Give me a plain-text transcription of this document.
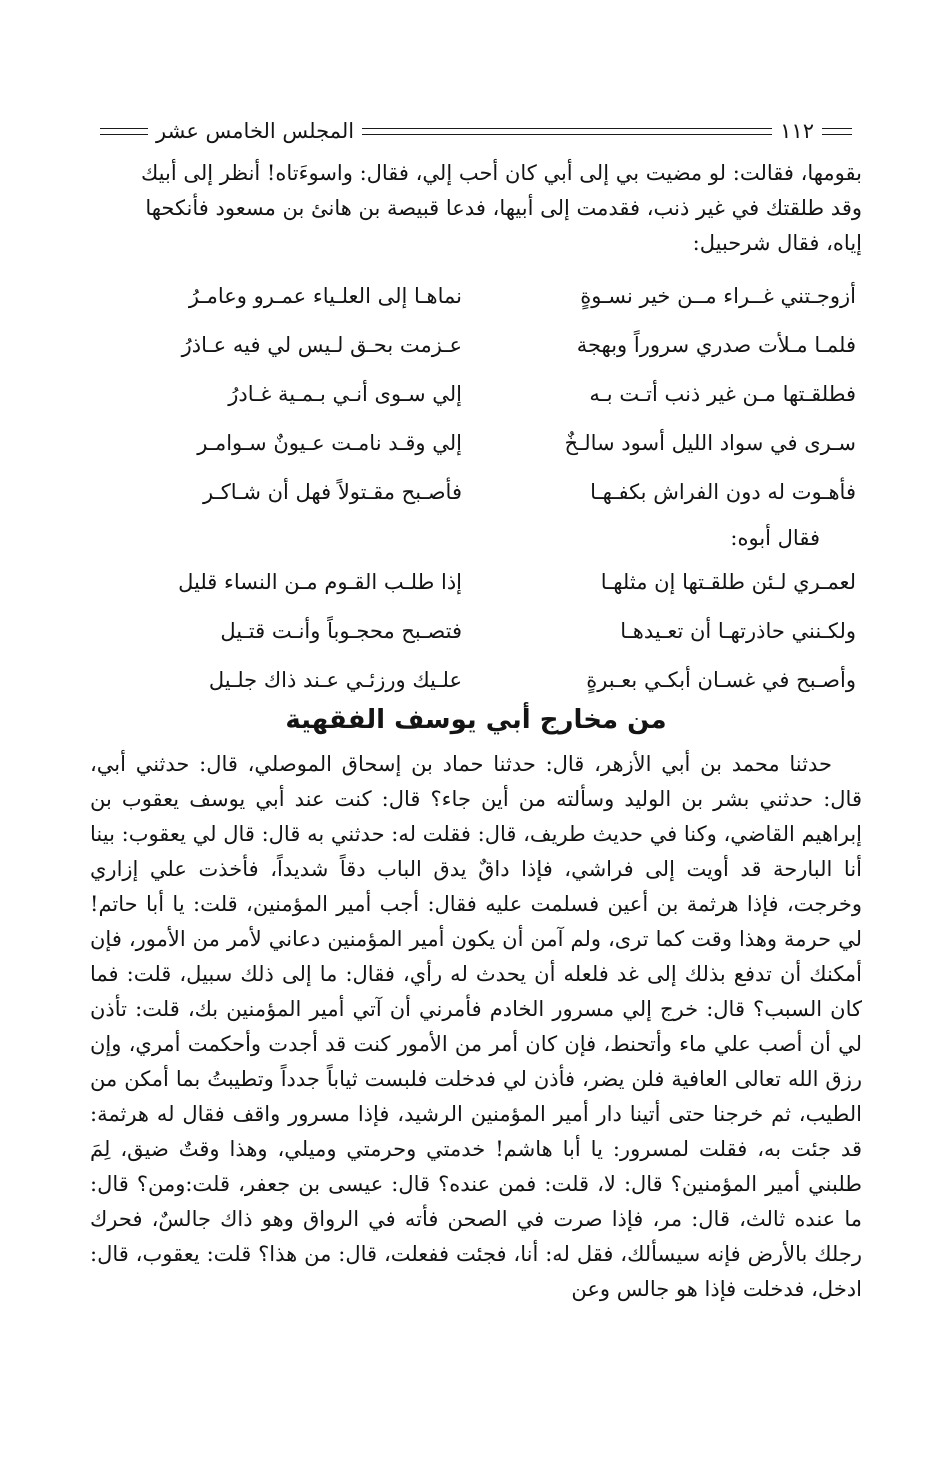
١١٢
المجلس الخامس عشر

بقومها، فقالت: لو مضيت بي إلى أبي كان أحب إلي، فقال: واسوءَتاه! أنظر إلى أبيك

وقد طلقتك في غير ذنب، فقدمت إلى أبيها، فدعا قبيصة بن هانئ بن مسعود فأنكحها

إياه، فقال شرحبيل:

أزوجـتني غــراء مــن خير نسـوةٍ
نماهـا إلى العلـياء عمـرو وعامـرُ
فلمـا مـلأت صدري سروراً وبهجة
عـزمت بحـق لـيس لي فيه عـاذرُ
فطلقـتها مـن غير ذنب أتـت بـه
إلي سـوى أنـي بـمـية غـادرُ
سـرى في سواد الليل أسود سالـخٌ
إلي وقـد نامـت عـيونٌ سـوامـر
فأهـوت له دون الفراش بكفـهـا
فأصـبح مقـتولاً فهل أن شـاكـر
فقال أبوه:
لعمـري لـئن طلقـتها إن مثلهـا
إذا طلـب القـوم مـن النساء قليل
ولكـنني حاذرتهـا أن تعـيدهـا
فتصـبح محجـوباً وأنـت قتـيل
وأصـبح في غسـان أبكـي بعـبرةٍ
علـيك ورزئـي عـند ذاك جلـيل
من مخارج أبي يوسف الفقهية

حدثنا محمد بن أبي الأزهر، قال: حدثنا حماد بن إسحاق الموصلي، قال: حدثني أبي، قال: حدثني بشر بن الوليد وسألته من أين جاء؟ قال: كنت عند أبي يوسف يعقوب بن إبراهيم القاضي، وكنا في حديث طريف، قال: فقلت له: حدثني به قال: قال لي يعقوب: بينا أنا البارحة قد أويت إلى فراشي، فإذا داقٌ يدق الباب دقاً شديداً، فأخذت علي إزاري وخرجت، فإذا هرثمة بن أعين فسلمت عليه فقال: أجب أمير المؤمنين، قلت: يا أبا حاتم! لي حرمة وهذا وقت كما ترى، ولم آمن أن يكون أمير المؤمنين دعاني لأمر من الأمور، فإن أمكنك أن تدفع بذلك إلى غد فلعله أن يحدث له رأي، فقال: ما إلى ذلك سبيل، قلت: فما كان السبب؟ قال: خرج إلي مسرور الخادم فأمرني أن آتي أمير المؤمنين بك، قلت: تأذن لي أن أصب علي ماء وأتحنط، فإن كان أمر من الأمور كنت قد أجدت وأحكمت أمري، وإن رزق الله تعالى العافية فلن يضر، فأذن لي فدخلت فلبست ثياباً جدداً وتطيبتُ بما أمكن من الطيب، ثم خرجنا حتى أتينا دار أمير المؤمنين الرشيد، فإذا مسرور واقف فقال له هرثمة: قد جئت به، فقلت لمسرور: يا أبا هاشم! خدمتي وحرمتي وميلي، وهذا وقتٌ ضيق، لِمَ طلبني أمير المؤمنين؟ قال: لا، قلت: فمن عنده؟ قال: عيسى بن جعفر، قلت:ومن؟ قال: ما عنده ثالث، قال: مر، فإذا صرت في الصحن فأته في الرواق وهو ذاك جالسٌ، فحرك رجلك بالأرض فإنه سيسألك، فقل له: أنا، فجئت ففعلت، قال: من هذا؟ قلت: يعقوب، قال: ادخل، فدخلت فإذا هو جالس وعن
